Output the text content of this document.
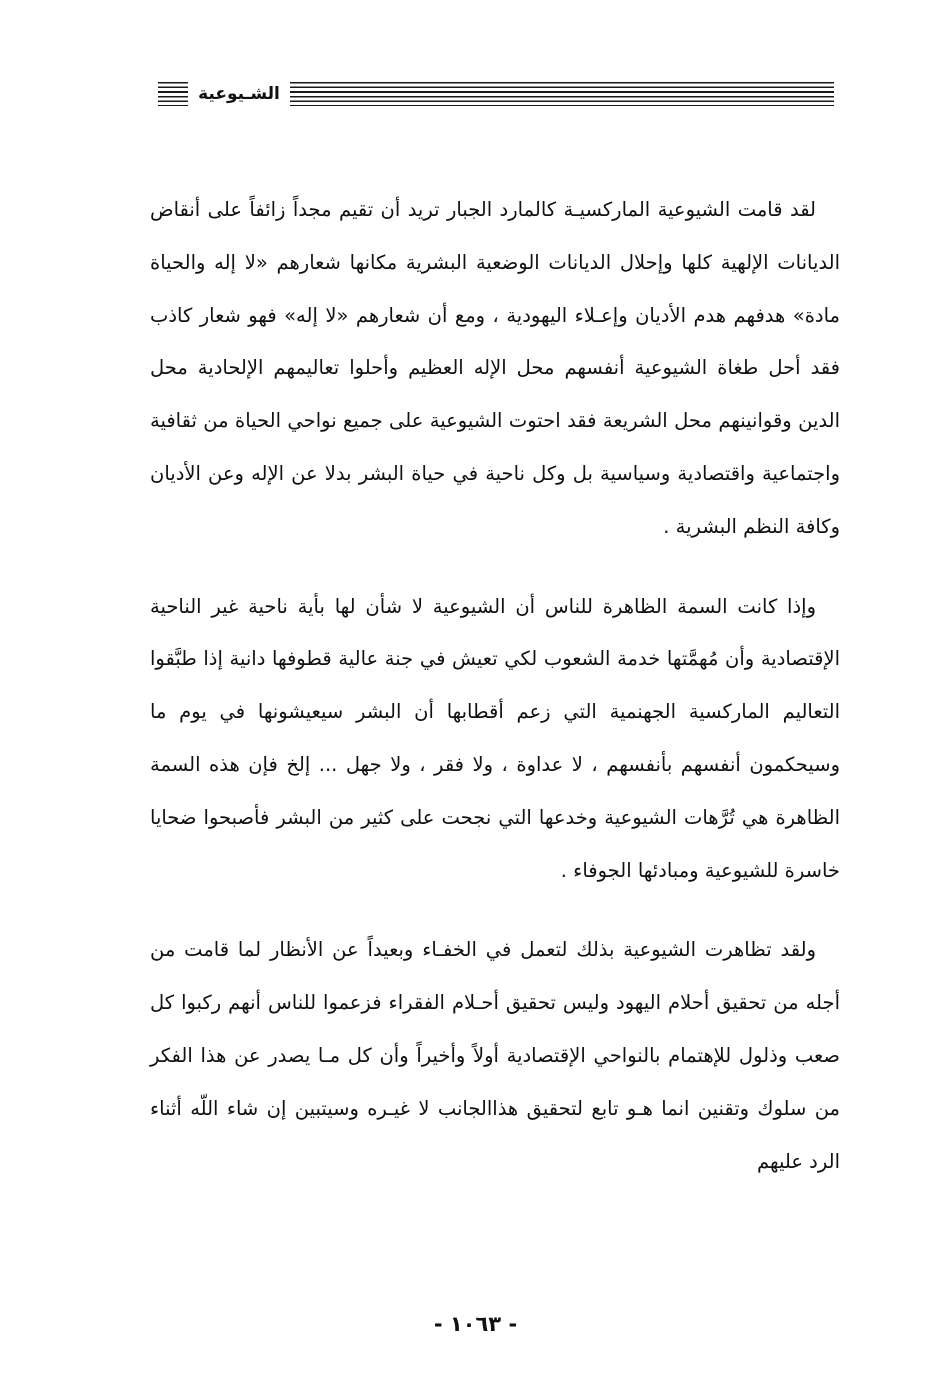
الشـيوعية

لقد قامت الشيوعية الماركسيـة كالمارد الجبار تريد أن تقيم مجداً زائفاً على أنقاض الديانات الإلهية كلها وإحلال الديانات الوضعية البشرية مكانها شعارهم «لا إله والحياة مادة» هدفهم هدم الأديان وإعـلاء اليهودية ، ومع أن شعارهم «لا إله» فهو شعار كاذب فقد أحل طغاة الشيوعية أنفسهم محل الإله العظيم وأحلوا تعاليمهم الإلحادية محل الدين وقوانينهم محل الشريعة فقد احتوت الشيوعية على جميع نواحي الحياة من ثقافية واجتماعية واقتصادية وسياسية بل وكل ناحية في حياة البشر بدلا عن الإله وعن الأديان وكافة النظم البشرية .

وإذا كانت السمة الظاهرة للناس أن الشيوعية لا شأن لها بأية ناحية غير الناحية الإقتصادية وأن مُهمَّتها خدمة الشعوب لكي تعيش في جنة عالية قطوفها دانية إذا طبَّقوا التعاليم الماركسية الجهنمية التي زعم أقطابها أن البشر سيعيشونها في يوم ما وسيحكمون أنفسهم بأنفسهم ، لا عداوة ، ولا فقر ، ولا جهل ... إلخ فإن هذه السمة الظاهرة هي تُرَّهات الشيوعية وخدعها التي نجحت على كثير من البشر فأصبحوا ضحايا خاسرة للشيوعية ومبادئها الجوفاء .

ولقد تظاهرت الشيوعية بذلك لتعمل في الخفـاء وبعيداً عن الأنظار لما قامت من أجله من تحقيق أحلام اليهود وليس تحقيق أحـلام الفقراء فزعموا للناس أنهم ركبوا كل صعب وذلول للإهتمام بالنواحي الإقتصادية أولاً وأخيراً وأن كل مـا يصدر عن هذا الفكر من سلوك وتقنين انما هـو تابع لتحقيق هذاالجانب لا غيـره وسيتبين إن شاء اللّه أثناء الرد عليهم

- ١٠٦٣ -
